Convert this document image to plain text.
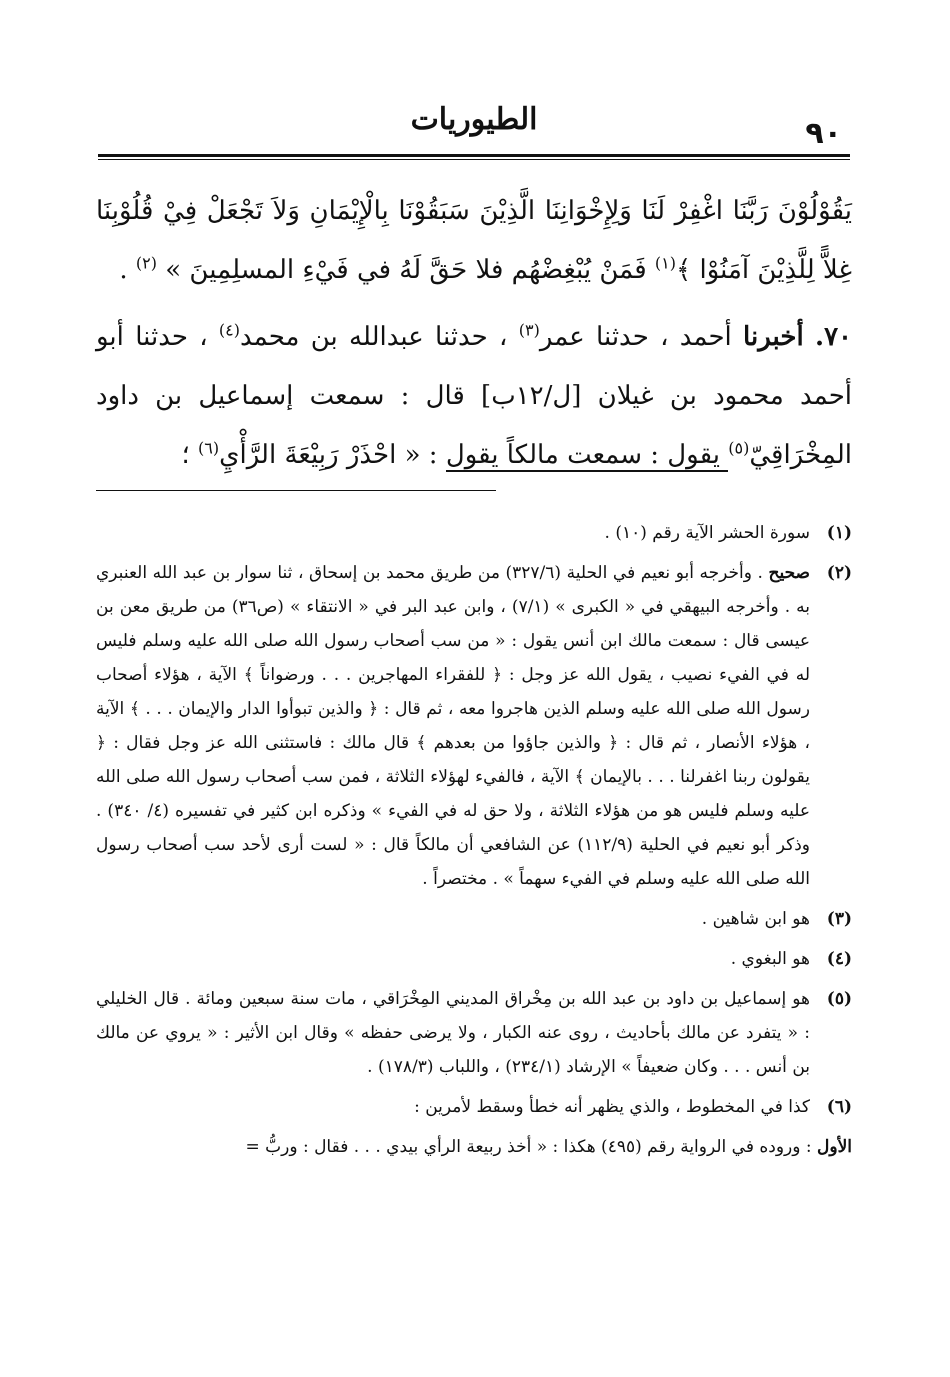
الطيوريات	٩٠

يَقُوْلُوْنَ رَبَّنَا اغْفِرْ لَنَا وَلِإِخْوَانِنَا الَّذِيْنَ سَبَقُوْنَا بِالْإِيْمَانِ وَلاَ تَجْعَلْ فِيْ قُلُوْبِنَا غِلاًّ لِلَّذِيْنَ آمَنُوْا ﴾$^{(١)}$ فَمَنْ يُبْغِضْهُم فلا حَقَّ لَهُ في فَيْءِ المسلِمِينَ » $^{(٢)}$ .

٧٠. أخبرنا أحمد ، حدثنا عمر$^{(٣)}$ ، حدثنا عبدالله بن محمد$^{(٤)}$ ، حدثنا أبو أحمد محمود بن غيلان [ل/١٢ب] قال : سمعت إسماعيل بن داود المِخْرَاقِيّ$^{(٥)}$ يقول : سمعت مالكاً يقول : « احْذَرْ رَبِيْعَةَ الرَّأْيِ$^{(٦)}$ ؛

(١)
سورة الحشر الآية رقم (١٠) .
(٢)
صحيح . وأخرجه أبو نعيم في الحلية (٣٢٧/٦) من طريق محمد بن إسحاق ، ثنا سوار بن عبد الله العنبري به . وأخرجه البيهقي في « الكبرى » (٧/١) ، وابن عبد البر في « الانتقاء » (ص٣٦) من طريق معن بن عيسى قال : سمعت مالك ابن أنس يقول : « من سب أصحاب رسول الله صلى الله عليه وسلم فليس له في الفيء نصيب ، يقول الله عز وجل : ﴿ للفقراء المهاجرين . . . ورضواناً ﴾ الآية ، هؤلاء أصحاب رسول الله صلى الله عليه وسلم الذين هاجروا معه ، ثم قال : ﴿ والذين تبوأوا الدار والإيمان . . . ﴾ الآية ، هؤلاء الأنصار ، ثم قال : ﴿ والذين جاؤوا من بعدهم ﴾ قال مالك : فاستثنى الله عز وجل فقال : ﴿ يقولون ربنا اغفرلنا . . . بالإيمان ﴾ الآية ، فالفيء لهؤلاء الثلاثة ، فمن سب أصحاب رسول الله صلى الله عليه وسلم فليس هو من هؤلاء الثلاثة ، ولا حق له في الفيء » وذكره ابن كثير في تفسيره (٤/ ٣٤٠) . وذكر أبو نعيم في الحلية (١١٢/٩) عن الشافعي أن مالكاً قال : « لست أرى لأحد سب أصحاب رسول الله صلى الله عليه وسلم في الفيء سهماً » . مختصراً .
(٣)
هو ابن شاهين .
(٤)
هو البغوي .
(٥)
هو إسماعيل بن داود بن عبد الله بن مِخْراق المديني المِخْرَاقي ، مات سنة سبعين ومائة . قال الخليلي : « يتفرد عن مالك بأحاديث ، روى عنه الكبار ، ولا يرضى حفظه » وقال ابن الأثير : « يروي عن مالك بن أنس . . . وكان ضعيفاً » الإرشاد (٢٣٤/١) ، واللباب (١٧٨/٣) .
(٦)
كذا في المخطوط ، والذي يظهر أنه خطأ وسقط لأمرين :
الأول : وروده في الرواية رقم (٤٩٥) هكذا : « أخذ ربيعة الرأي بيدي . . . فقال : وربُّ =
